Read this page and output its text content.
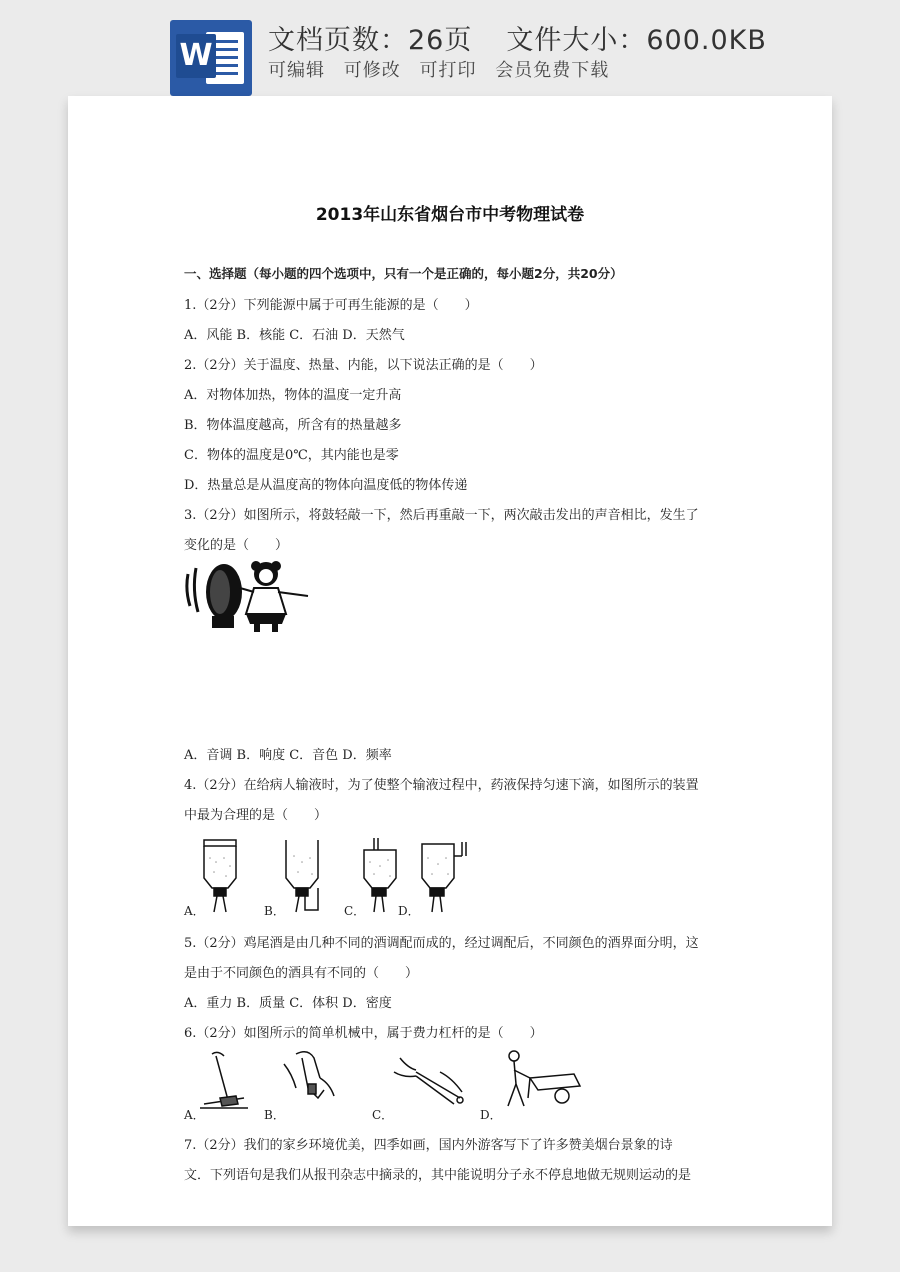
W 文档页数：26页 文件大小：600.0KB
可编辑 可修改 可打印 会员免费下载
2013年山东省烟台市中考物理试卷
一、选择题（每小题的四个选项中，只有一个是正确的，每小题2分，共20分）
1.（2分）下列能源中属于可再生能源的是（　　）
A．风能 B．核能 C．石油 D．天然气
2.（2分）关于温度、热量、内能，以下说法正确的是（　　）
A．对物体加热，物体的温度一定升高
B．物体温度越高，所含有的热量越多
C．物体的温度是0℃，其内能也是零
D．热量总是从温度高的物体向温度低的物体传递
3.（2分）如图所示，将鼓轻敲一下，然后再重敲一下，两次敲击发出的声音相比，发生了
变化的是（　　）
A．音调 B．响度 C．音色 D．频率
4.（2分）在给病人输液时，为了使整个输液过程中，药液保持匀速下滴，如图所示的装置
中最为合理的是（　　）
A．	B．	C．	D．
5.（2分）鸡尾酒是由几种不同的酒调配而成的，经过调配后，不同颜色的酒界面分明，这
是由于不同颜色的酒具有不同的（　　）
A．重力 B．质量 C．体积 D．密度
6.（2分）如图所示的简单机械中，属于费力杠杆的是（　　）
A．	B．	C．	D．
7.（2分）我们的家乡环境优美，四季如画，国内外游客写下了许多赞美烟台景象的诗
文．下列语句是我们从报刊杂志中摘录的，其中能说明分子永不停息地做无规则运动的是
